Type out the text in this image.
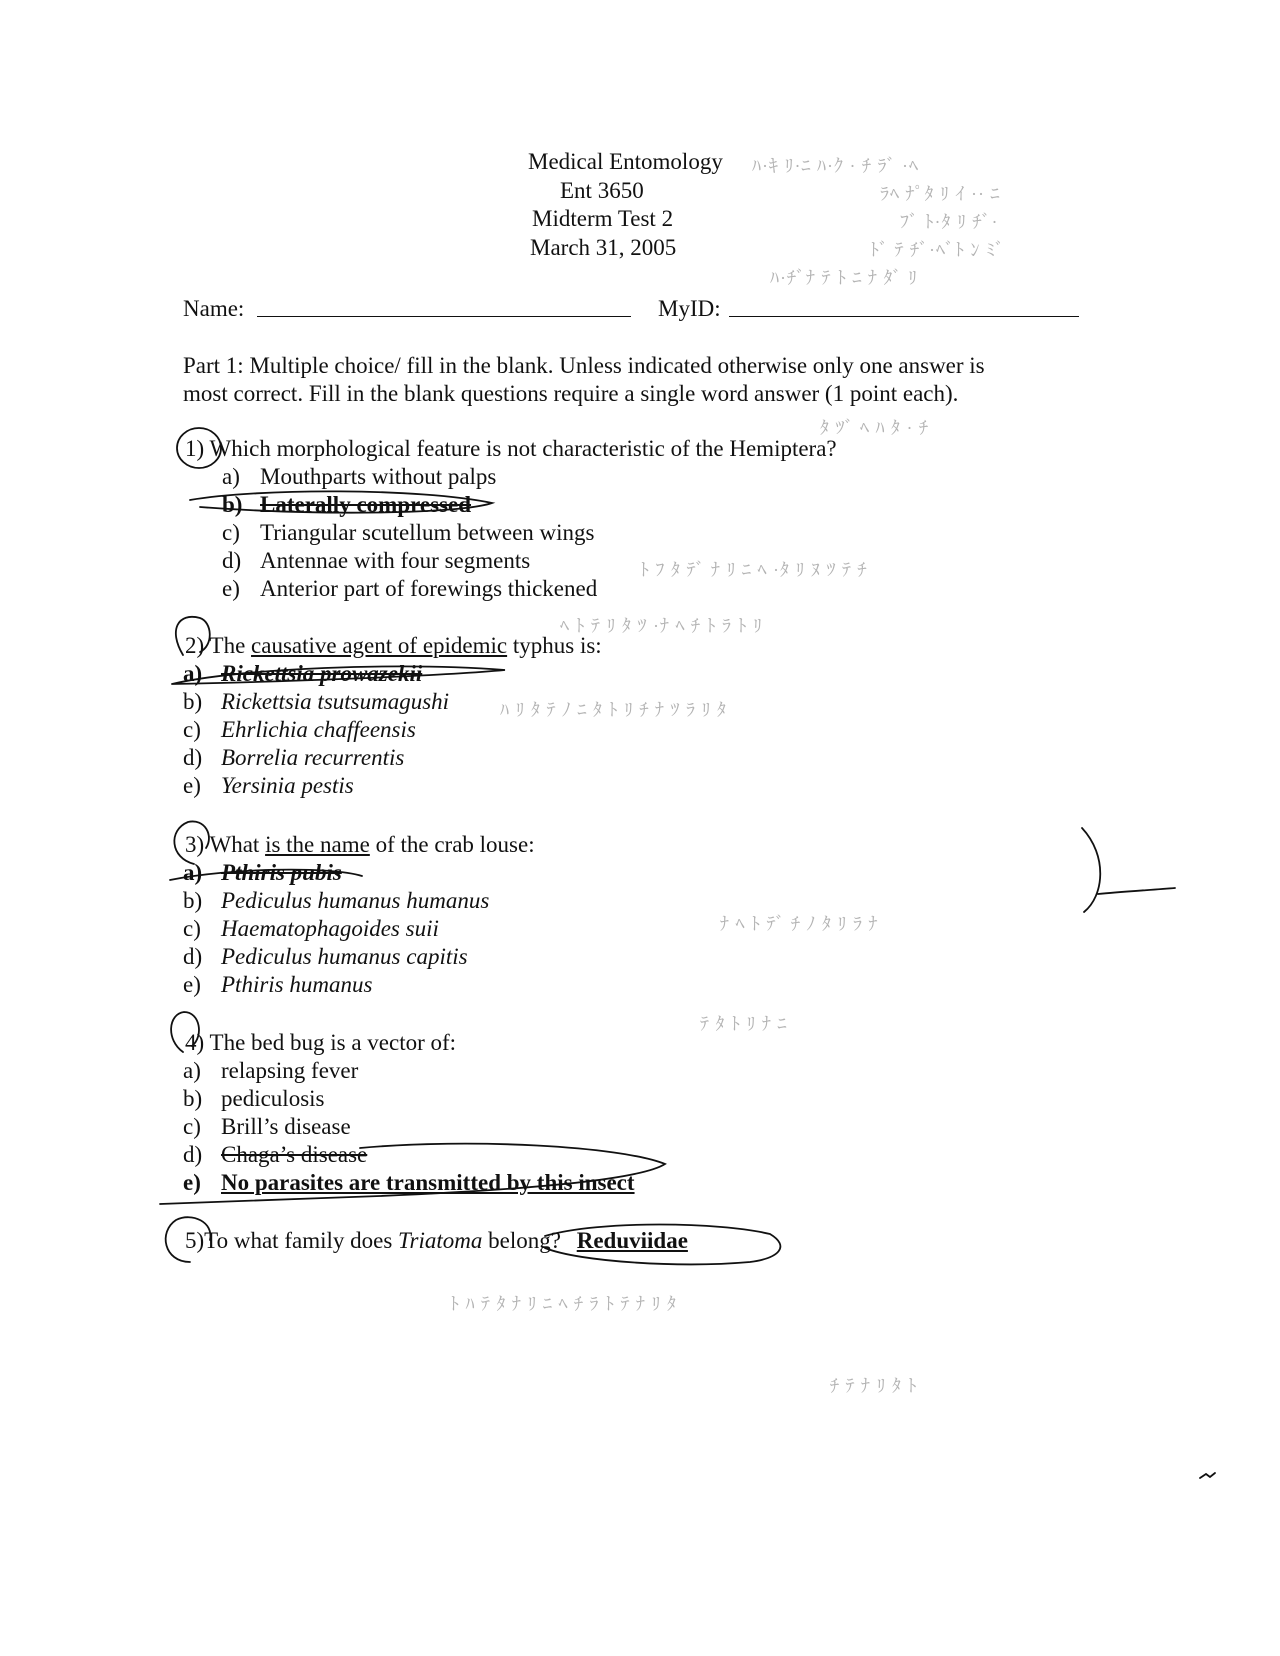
ﾊ·ｷ ﾘ·ﾆ ﾊ·ｸ · ﾁ ﾗﾞ ·ﾍ
ﾗﾍ ﾅﾟﾀ ﾘ ｲ ·· ﾆ
ﾌﾞ ﾄ·ﾀ ﾘ ﾁﾞ·
ﾄﾞ ﾃ ﾁﾞ·ﾍﾞﾄ ﾝ ﾐﾞ
ﾊ·ﾁﾞﾅ ﾃ ﾄ ﾆ ﾅ ﾀﾞ ﾘ
ﾀ ﾂﾞ ﾍ ﾊ ﾀ · ﾁ
ﾄ ﾌ ﾀ ﾃﾞ ﾅ ﾘ ﾆ ﾍ ·ﾀ ﾘ ﾇ ﾂ ﾃ ﾁ
ﾍ ﾄ ﾃ ﾘ ﾀ ﾂ ·ﾅ ﾍ ﾁ ﾄ ﾗ ﾄ ﾘ
ﾊ ﾘ ﾀ ﾃ ﾉ ﾆ ﾀ ﾄ ﾘ ﾁ ﾅ ﾂ ﾗ ﾘ ﾀ
ﾅ ﾍ ﾄ ﾃﾞ ﾁ ﾉ ﾀ ﾘ ﾗ ﾅ
ﾃ ﾀ ﾄ ﾘ ﾅ ﾆ
ﾄ ﾊ ﾃ ﾀ ﾅ ﾘ ﾆ ﾍ ﾁ ﾗ ﾄ ﾃ ﾅ ﾘ ﾀ
ﾁ ﾃ ﾅ ﾘ ﾀ ﾄ
Medical Entomology
Ent 3650
Midterm Test 2
March 31, 2005
Name:	MyID:
Part 1: Multiple choice/ fill in the blank. Unless indicated otherwise only one answer is
most correct. Fill in the blank questions require a single word answer (1 point each).
1) Which morphological feature is not characteristic of the Hemiptera?
a) Mouthparts without palps
b) Laterally compressed
c) Triangular scutellum between wings
d) Antennae with four segments
e) Anterior part of forewings thickened
2) The causative agent of epidemic typhus is:
a) Rickettsia prowazekii
b) Rickettsia tsutsumagushi
c) Ehrlichia chaffeensis
d) Borrelia recurrentis
e) Yersinia pestis
3) What is the name of the crab louse:
a) Pthiris pubis
b) Pediculus humanus humanus
c) Haematophagoides suii
d) Pediculus humanus capitis
e) Pthiris humanus
4) The bed bug is a vector of:
a) relapsing fever
b) pediculosis
c) Brill’s disease
d) Chaga’s disease
e) No parasites are transmitted by this insect
5)To what family does Triatoma belong? Reduviidae
